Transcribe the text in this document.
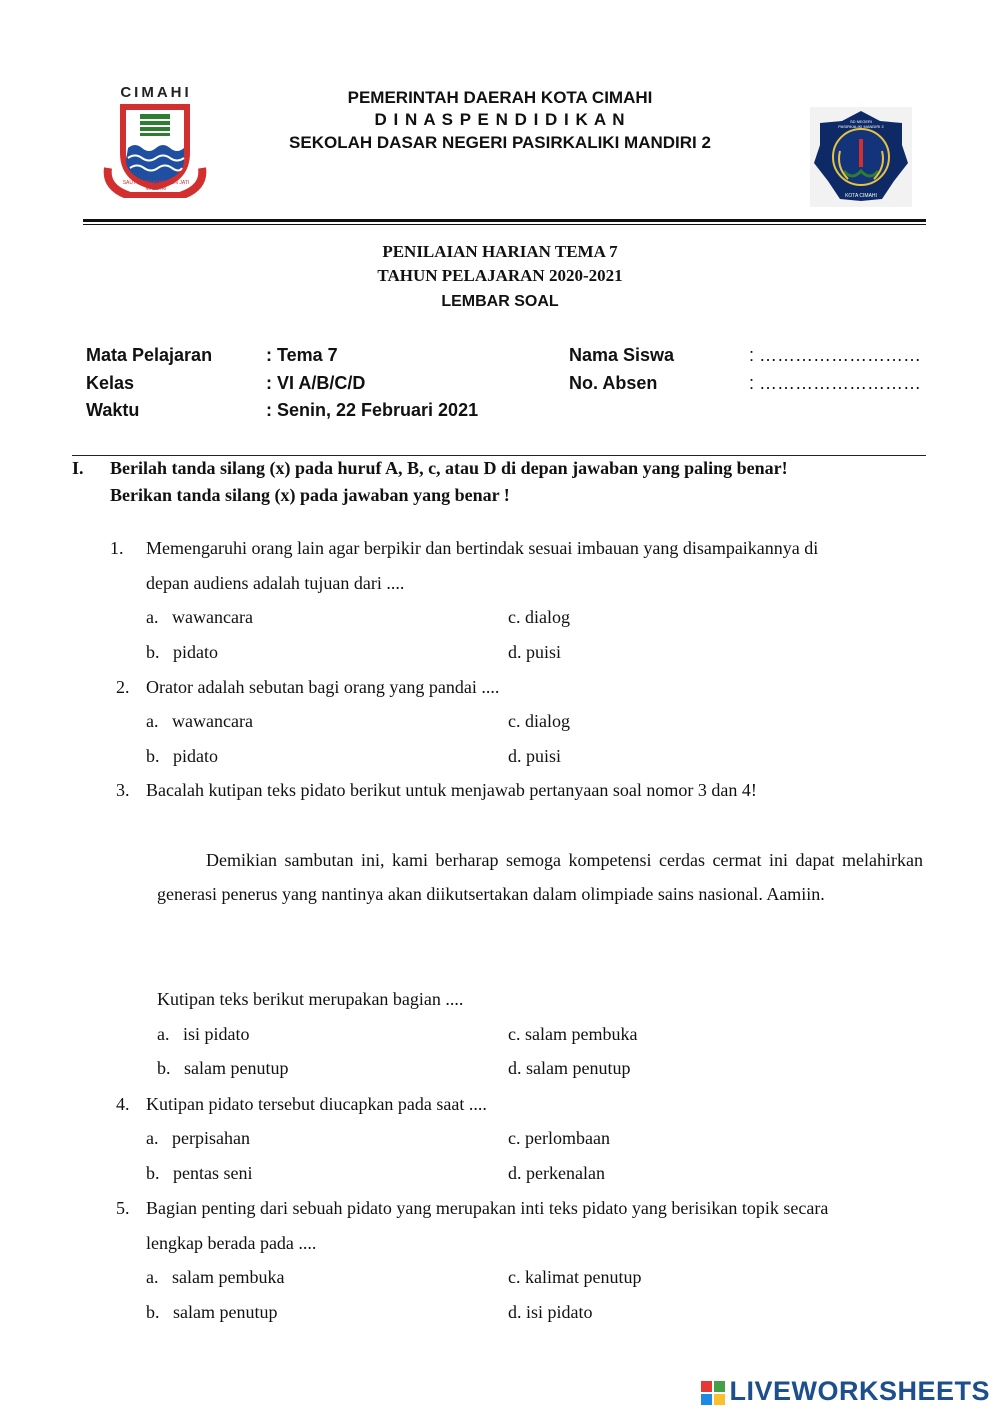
CIMAHI
SAUYUN NGAMANGUN JATI MANDIRI
PEMERINTAH DAERAH KOTA CIMAHI
D I N A S P E N D I D I K A N
SEKOLAH DASAR NEGERI PASIRKALIKI MANDIRI 2
SD NEGERI PASIRKALIKI MANDIRI 2
KOTA CIMAHI
PENILAIAN HARIAN TEMA 7
TAHUN PELAJARAN 2020-2021
LEMBAR SOAL
Mata Pelajaran	: Tema 7
Kelas	: VI A/B/C/D
Waktu	: Senin, 22 Februari 2021
Nama Siswa	: ………………………
No. Absen	: ………………………
I. Berilah tanda silang (x) pada huruf A, B, c, atau D di depan jawaban yang paling benar!
Berikan tanda silang (x) pada jawaban yang benar !
1. Memengaruhi orang lain agar berpikir dan bertindak sesuai imbauan yang disampaikannya di
depan audiens adalah tujuan dari ....
a. wawancara	c. dialog
b. pidato	d. puisi
2. Orator adalah sebutan bagi orang yang pandai ....
a. wawancara	c. dialog
b. pidato	d. puisi
3. Bacalah kutipan teks pidato berikut untuk menjawab pertanyaan soal nomor 3 dan 4!
Demikian sambutan ini, kami berharap semoga kompetensi cerdas cermat ini dapat melahirkan generasi penerus yang nantinya akan diikutsertakan dalam olimpiade sains nasional. Aamiin.
Kutipan teks berikut merupakan bagian ....
a. isi pidato	c. salam pembuka
b. salam penutup	d. salam penutup
4. Kutipan pidato tersebut diucapkan pada saat ....
a. perpisahan	c. perlombaan
b. pentas seni	d. perkenalan
5. Bagian penting dari sebuah pidato yang merupakan inti teks pidato yang berisikan topik secara
lengkap berada pada ....
a. salam pembuka	c. kalimat penutup
b. salam penutup	d. isi pidato
LIVEWORKSHEETS
